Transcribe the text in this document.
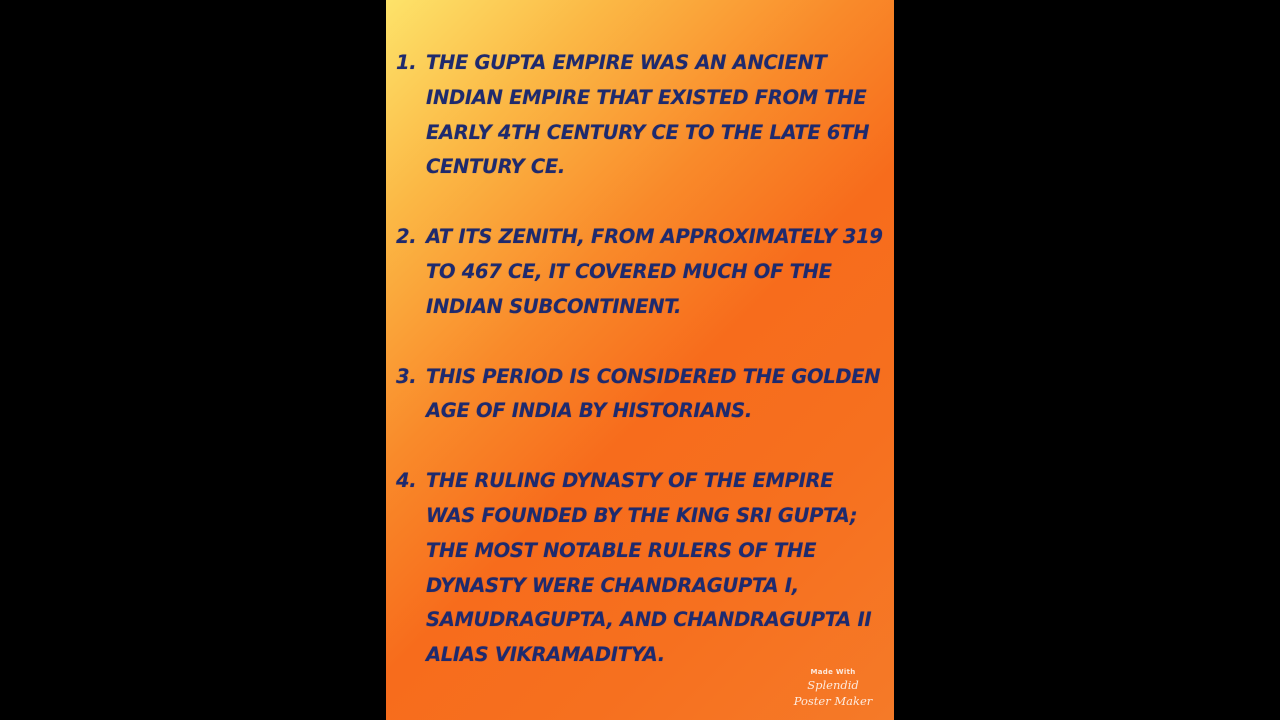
1. THE GUPTA EMPIRE WAS AN ANCIENT INDIAN EMPIRE THAT EXISTED FROM THE EARLY 4TH CENTURY CE TO THE LATE 6TH CENTURY CE.
2. AT ITS ZENITH, FROM APPROXIMATELY 319 TO 467 CE, IT COVERED MUCH OF THE INDIAN SUBCONTINENT.
3. THIS PERIOD IS CONSIDERED THE GOLDEN AGE OF INDIA BY HISTORIANS.
4. THE RULING DYNASTY OF THE EMPIRE WAS FOUNDED BY THE KING SRI GUPTA; THE MOST NOTABLE RULERS OF THE DYNASTY WERE CHANDRAGUPTA I, SAMUDRAGUPTA, AND CHANDRAGUPTA II ALIAS VIKRAMADITYA.
Made With
Splendid
Poster Maker
